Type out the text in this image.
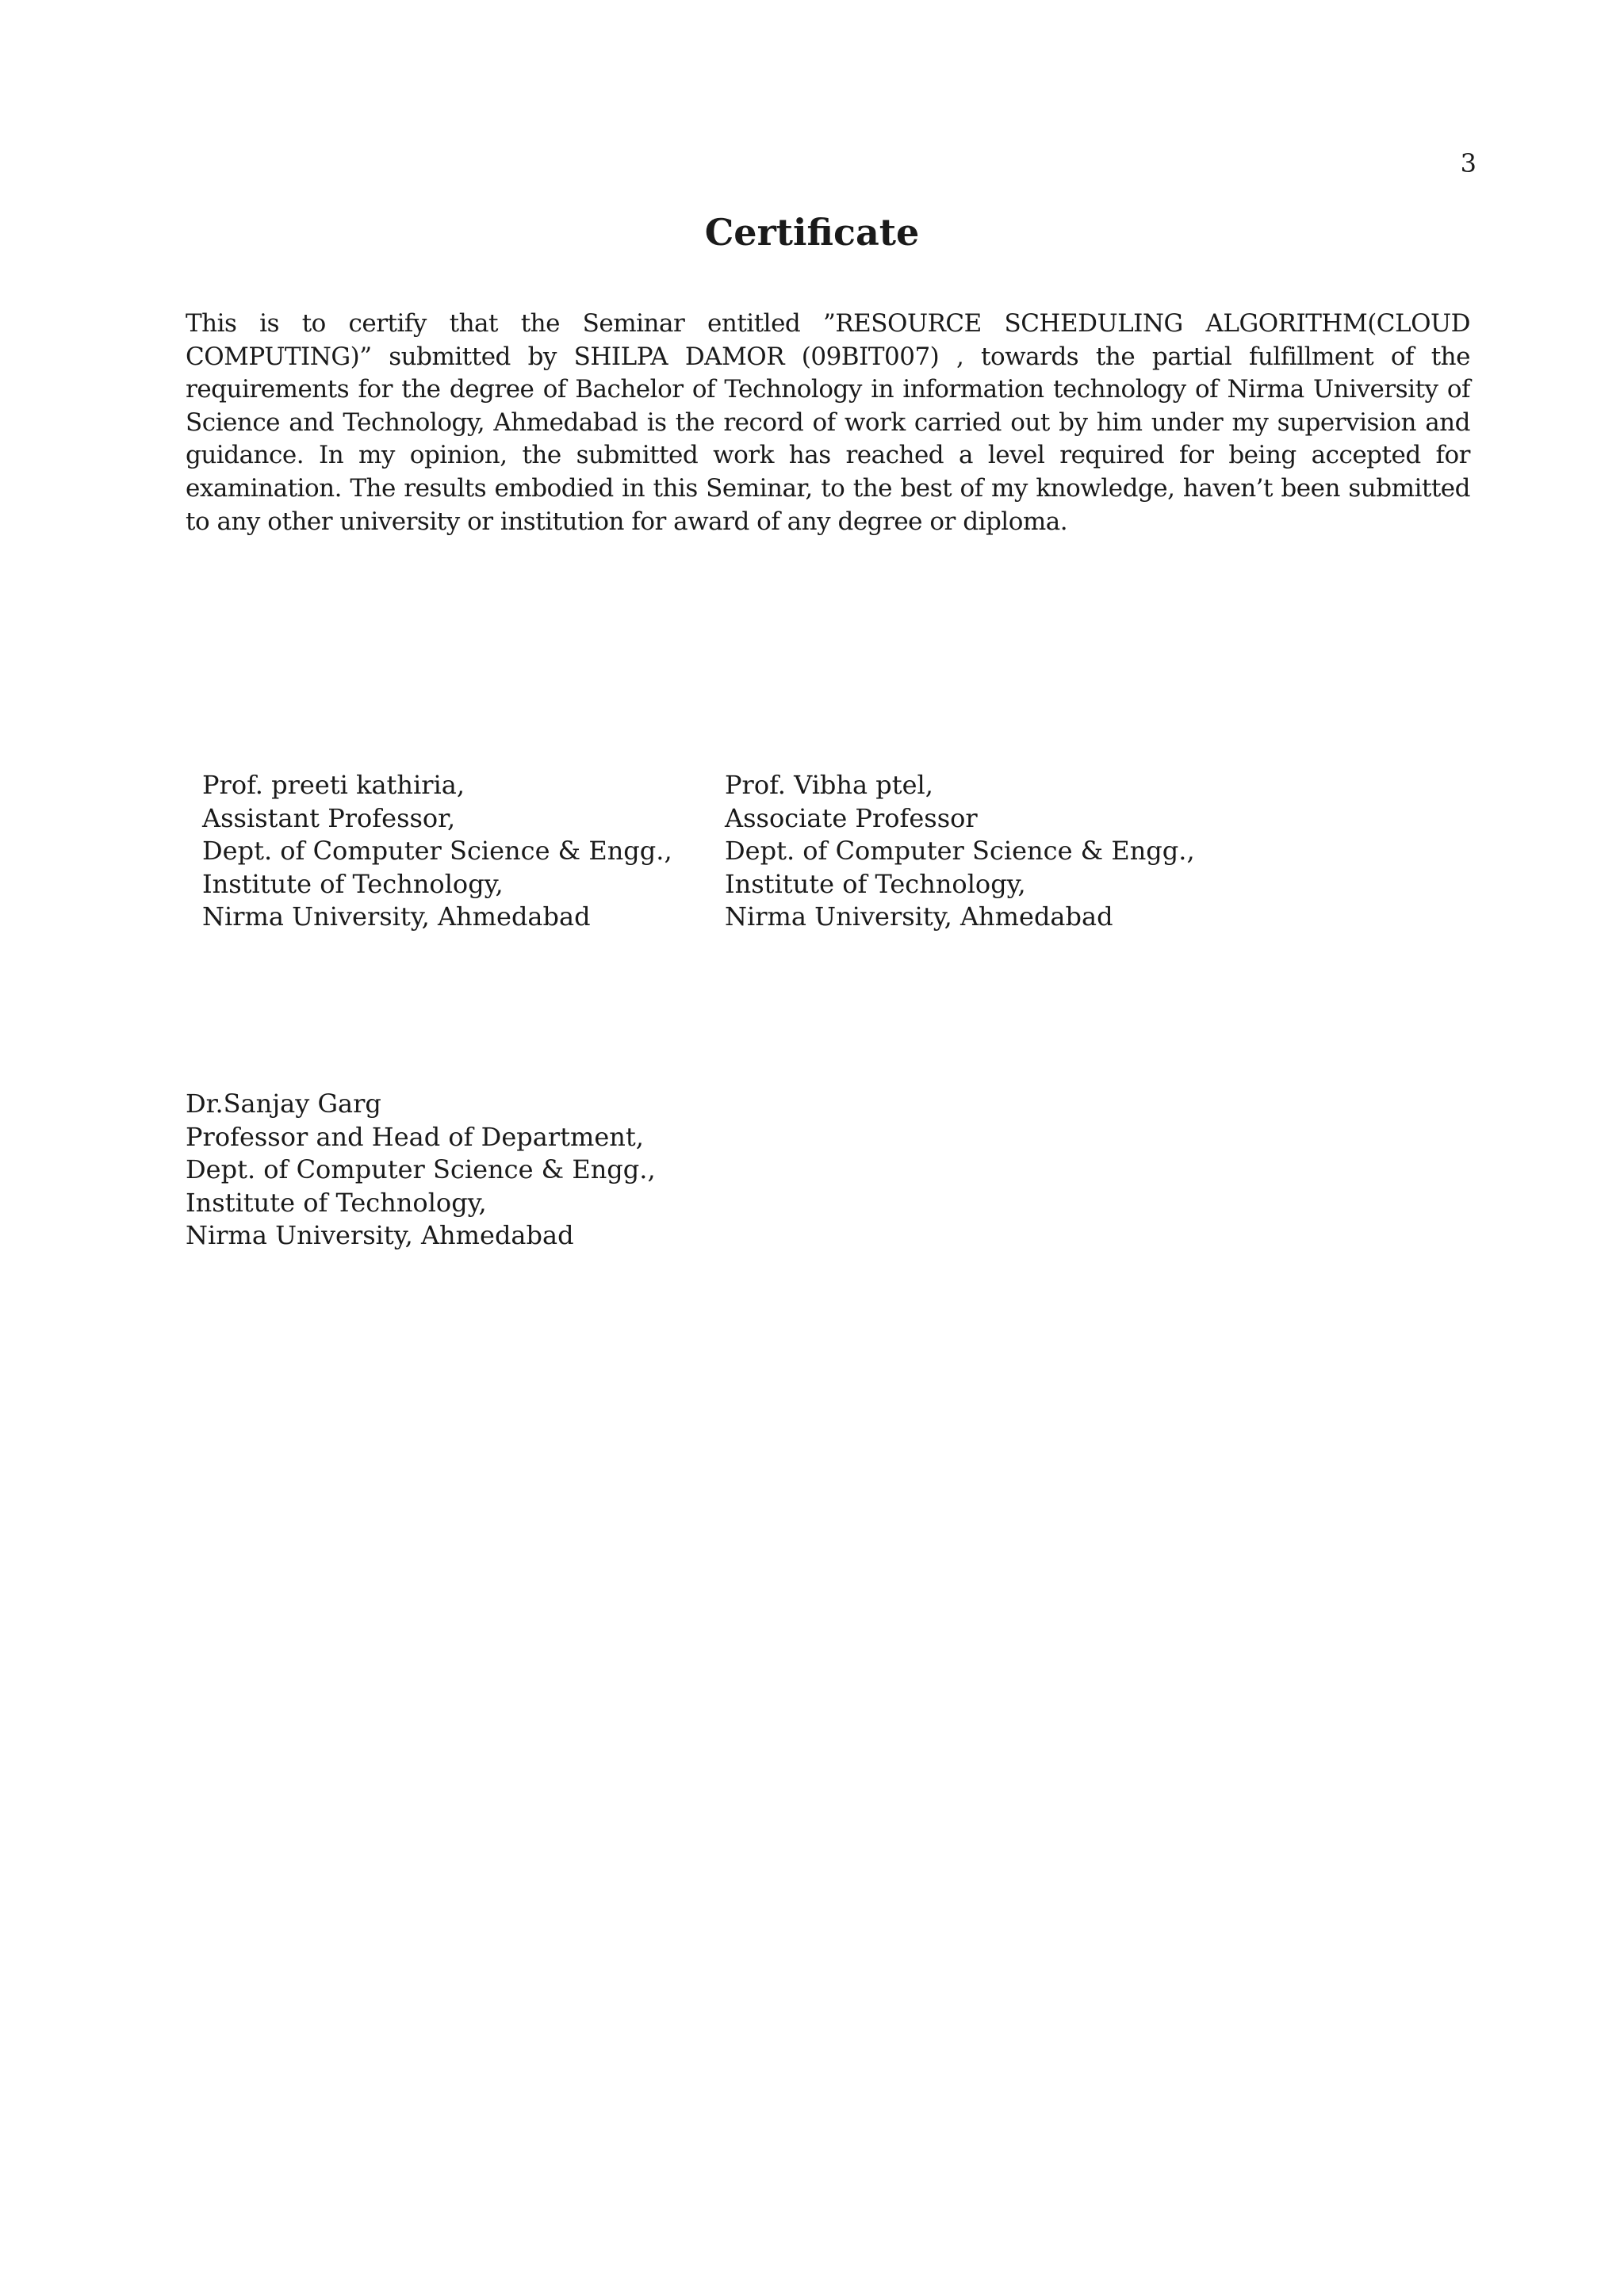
3
Certificate

This is to certify that the Seminar entitled ”RESOURCE SCHEDULING ALGORITHM(CLOUD COMPUTING)” submitted by SHILPA DAMOR (09BIT007) , towards the partial fulfillment of the requirements for the degree of Bachelor of Technology in information technology of Nirma University of Science and Technology, Ahmedabad is the record of work carried out by him under my supervision and guidance. In my opinion, the submitted work has reached a level required for being accepted for examination. The results embodied in this Seminar, to the best of my knowledge, haven’t been submitted to any other university or institution for award of any degree or diploma.

Prof. preeti kathiria,
Assistant Professor,
Dept. of Computer Science & Engg.,
Institute of Technology,
Nirma University, Ahmedabad
Prof. Vibha ptel,
Associate Professor
Dept. of Computer Science & Engg.,
Institute of Technology,
Nirma University, Ahmedabad
Dr.Sanjay Garg
Professor and Head of Department,
Dept. of Computer Science & Engg.,
Institute of Technology,
Nirma University, Ahmedabad
